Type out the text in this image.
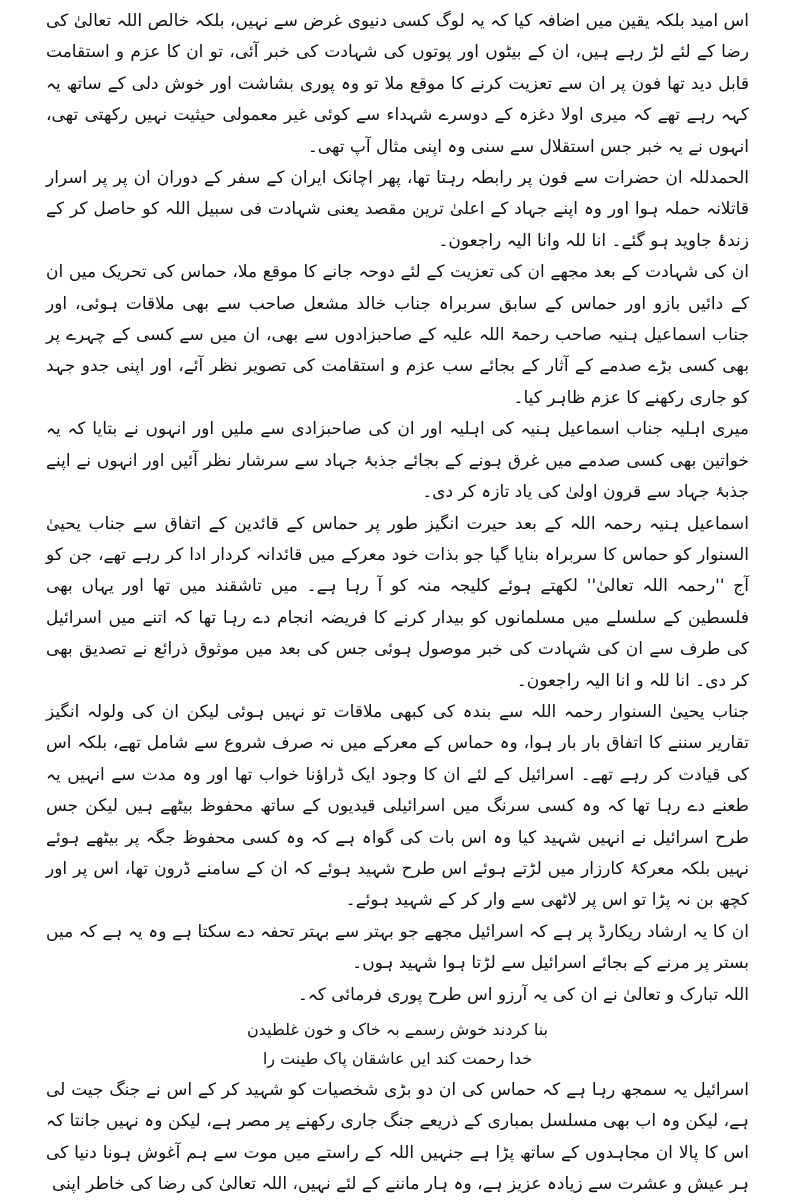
اس امید بلکہ یقین میں اضافہ کیا کہ یہ لوگ کسی دنیوی غرض سے نہیں، بلکہ خالص اللہ تعالیٰ کی رضا کے لئے لڑ رہے ہیں، ان کے بیٹوں اور پوتوں کی شہادت کی خبر آئی، تو ان کا عزم و استقامت قابل دید تھا فون پر ان سے تعزیت کرنے کا موقع ملا تو وہ پوری بشاشت اور خوش دلی کے ساتھ یہ کہہ رہے تھے کہ میری اولا دغزہ کے دوسرے شہداء سے کوئی غیر معمولی حیثیت نہیں رکھتی تھی، انہوں نے یہ خبر جس استقلال سے سنی وہ اپنی مثال آپ تھی۔

الحمدللہ ان حضرات سے فون پر رابطہ رہتا تھا، پھر اچانک ایران کے سفر کے دوران ان پر پر اسرار قاتلانہ حملہ ہوا اور وہ اپنے جہاد کے اعلیٰ ترین مقصد یعنی شہادت فی سبیل اللہ کو حاصل کر کے زندۂ جاوید ہو گئے۔ انا للہ وانا الیہ راجعون۔

ان کی شہادت کے بعد مجھے ان کی تعزیت کے لئے دوحہ جانے کا موقع ملا، حماس کی تحریک میں ان کے دائیں بازو اور حماس کے سابق سربراہ جناب خالد مشعل صاحب سے بھی ملاقات ہوئی، اور جناب اسماعیل ہنیہ صاحب رحمۃ اللہ علیہ کے صاحبزادوں سے بھی، ان میں سے کسی کے چہرے پر بھی کسی بڑے صدمے کے آثار کے بجائے سب عزم و استقامت کی تصویر نظر آئے، اور اپنی جدو جہد کو جاری رکھنے کا عزم ظاہر کیا۔

میری اہلیہ جناب اسماعیل ہنیہ کی اہلیہ اور ان کی صاحبزادی سے ملیں اور انہوں نے بتایا کہ یہ خواتین بھی کسی صدمے میں غرق ہونے کے بجائے جذبۂ جہاد سے سرشار نظر آئیں اور انہوں نے اپنے جذبۂ جہاد سے قرون اولیٰ کی یاد تازہ کر دی۔

اسماعیل ہنیہ رحمہ اللہ کے بعد حیرت انگیز طور پر حماس کے قائدین کے اتفاق سے جناب یحییٰ السنوار کو حماس کا سربراہ بنایا گیا جو بذات خود معرکے میں قائدانہ کردار ادا کر رہے تھے، جن کو آج ''رحمہ اللہ تعالیٰ'' لکھتے ہوئے کلیجہ منہ کو آ رہا ہے۔ میں تاشقند میں تھا اور یہاں بھی فلسطین کے سلسلے میں مسلمانوں کو بیدار کرنے کا فریضہ انجام دے رہا تھا کہ اتنے میں اسرائیل کی طرف سے ان کی شہادت کی خبر موصول ہوئی جس کی بعد میں موثوق ذرائع نے تصدیق بھی کر دی۔ انا للہ و انا الیہ راجعون۔

جناب یحییٰ السنوار رحمہ اللہ سے بندہ کی کبھی ملاقات تو نہیں ہوئی لیکن ان کی ولولہ انگیز تقاریر سننے کا اتفاق بار بار ہوا، وہ حماس کے معرکے میں نہ صرف شروع سے شامل تھے، بلکہ اس کی قیادت کر رہے تھے۔ اسرائیل کے لئے ان کا وجود ایک ڈراؤنا خواب تھا اور وہ مدت سے انہیں یہ طعنے دے رہا تھا کہ وہ کسی سرنگ میں اسرائیلی قیدیوں کے ساتھ محفوظ بیٹھے ہیں لیکن جس طرح اسرائیل نے انہیں شہید کیا وہ اس بات کی گواہ ہے کہ وہ کسی محفوظ جگہ پر بیٹھے ہوئے نہیں بلکہ معرکۂ کارزار میں لڑتے ہوئے اس طرح شہید ہوئے کہ ان کے سامنے ڈرون تھا، اس پر اور کچھ بن نہ پڑا تو اس پر لاٹھی سے وار کر کے شہید ہوئے۔

ان کا یہ ارشاد ریکارڈ پر ہے کہ اسرائیل مجھے جو بہتر سے بہتر تحفہ دے سکتا ہے وہ یہ ہے کہ میں بستر پر مرنے کے بجائے اسرائیل سے لڑتا ہوا شہید ہوں۔

اللہ تبارک و تعالیٰ نے ان کی یہ آرزو اس طرح پوری فرمائی کہ۔

بنا کردند خوش رسمے بہ خاک و خون غلطیدن
خدا رحمت کند ایں عاشقان پاک طینت را

اسرائیل یہ سمجھ رہا ہے کہ حماس کی ان دو بڑی شخصیات کو شہید کر کے اس نے جنگ جیت لی ہے، لیکن وہ اب بھی مسلسل بمباری کے ذریعے جنگ جاری رکھنے پر مصر ہے، لیکن وہ نہیں جانتا کہ اس کا پالا ان مجاہدوں کے ساتھ پڑا ہے جنہیں اللہ کے راستے میں موت سے ہم آغوش ہونا دنیا کی ہر عیش و عشرت سے زیادہ عزیز ہے، وہ ہار ماننے کے لئے نہیں، اللہ تعالیٰ کی رضا کی خاطر اپنی
